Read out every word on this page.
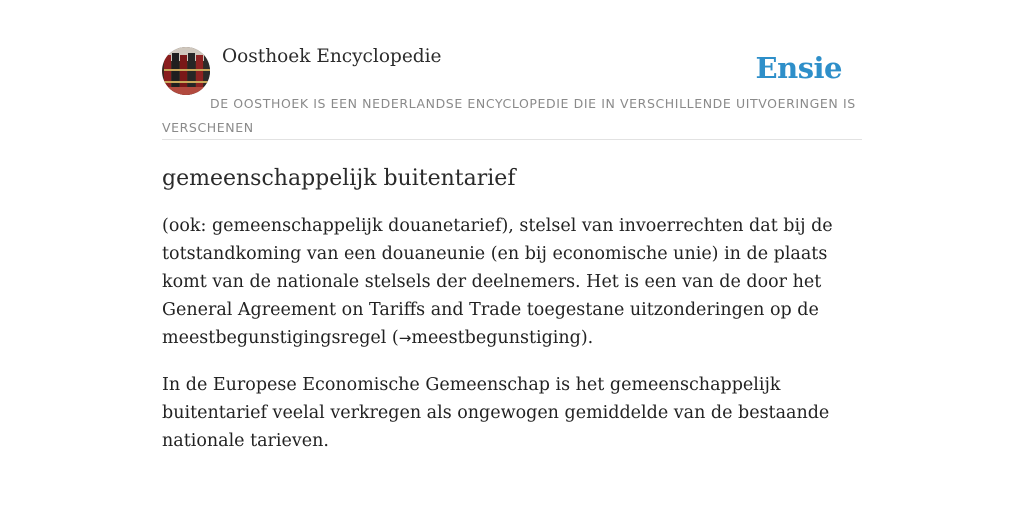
Oosthoek Encyclopedie	Ensie
DE OOSTHOEK IS EEN NEDERLANDSE ENCYCLOPEDIE DIE IN VERSCHILLENDE UITVOERINGEN IS VERSCHENEN
gemeenschappelijk buitentarief

(ook: gemeenschappelijk douanetarief), stelsel van invoerrechten dat bij de totstandkoming van een douaneunie (en bij economische unie) in de plaats komt van de nationale stelsels der deelnemers. Het is een van de door het General Agreement on Tariffs and Trade toegestane uitzonderingen op de meestbegunstigingsregel (→meestbegunstiging).

In de Europese Economische Gemeenschap is het gemeenschappelijk buitentarief veelal verkregen als ongewogen gemiddelde van de bestaande nationale tarieven.
